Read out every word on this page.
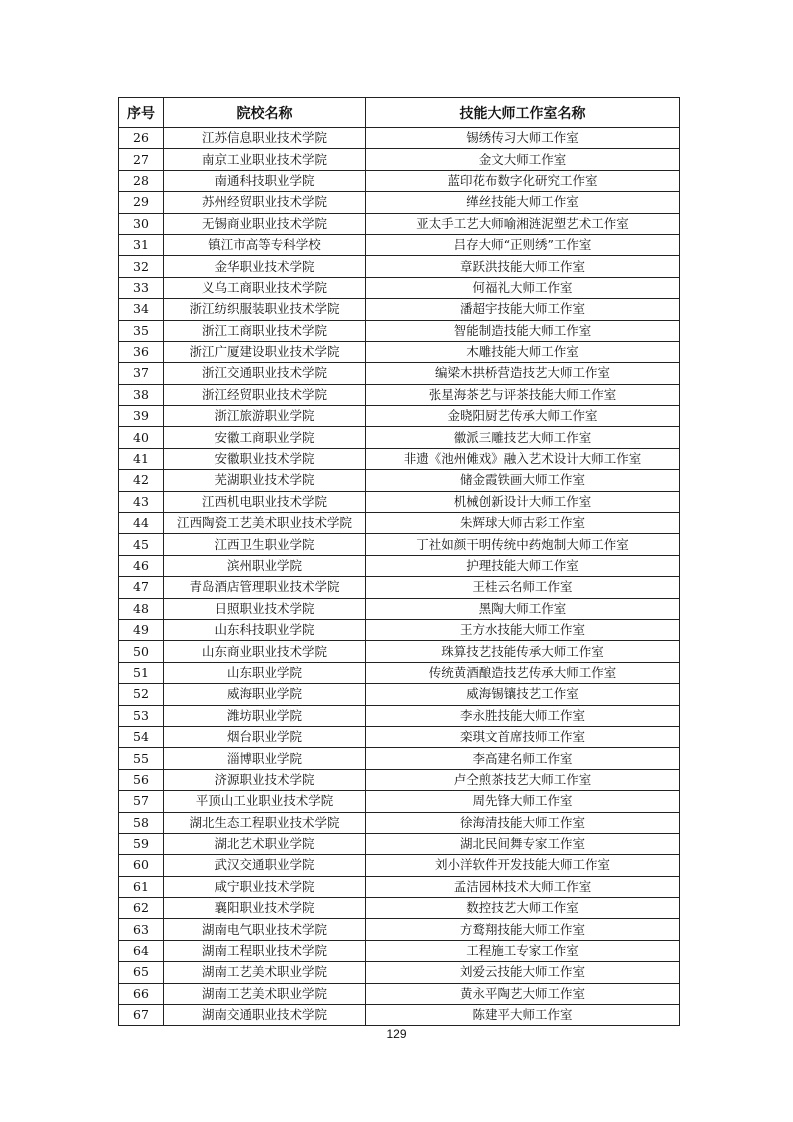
序号	院校名称	技能大师工作室名称
26	江苏信息职业技术学院	锡绣传习大师工作室
27	南京工业职业技术学院	金文大师工作室
28	南通科技职业学院	蓝印花布数字化研究工作室
29	苏州经贸职业技术学院	缂丝技能大师工作室
30	无锡商业职业技术学院	亚太手工艺大师喻湘涟泥塑艺术工作室
31	镇江市高等专科学校	吕存大师“正则绣”工作室
32	金华职业技术学院	章跃洪技能大师工作室
33	义乌工商职业技术学院	何福礼大师工作室
34	浙江纺织服装职业技术学院	潘超宇技能大师工作室
35	浙江工商职业技术学院	智能制造技能大师工作室
36	浙江广厦建设职业技术学院	木雕技能大师工作室
37	浙江交通职业技术学院	编梁木拱桥营造技艺大师工作室
38	浙江经贸职业技术学院	张星海茶艺与评茶技能大师工作室
39	浙江旅游职业学院	金晓阳厨艺传承大师工作室
40	安徽工商职业学院	徽派三雕技艺大师工作室
41	安徽职业技术学院	非遗《池州傩戏》融入艺术设计大师工作室
42	芜湖职业技术学院	储金霞铁画大师工作室
43	江西机电职业技术学院	机械创新设计大师工作室
44	江西陶瓷工艺美术职业技术学院	朱辉球大师古彩工作室
45	江西卫生职业学院	丁社如颜干明传统中药炮制大师工作室
46	滨州职业学院	护理技能大师工作室
47	青岛酒店管理职业技术学院	王桂云名师工作室
48	日照职业技术学院	黑陶大师工作室
49	山东科技职业学院	王方水技能大师工作室
50	山东商业职业技术学院	珠算技艺技能传承大师工作室
51	山东职业学院	传统黄酒酿造技艺传承大师工作室
52	威海职业学院	威海锡镶技艺工作室
53	潍坊职业学院	李永胜技能大师工作室
54	烟台职业学院	栾琪文首席技师工作室
55	淄博职业学院	李高建名师工作室
56	济源职业技术学院	卢仝煎茶技艺大师工作室
57	平顶山工业职业技术学院	周先锋大师工作室
58	湖北生态工程职业技术学院	徐海清技能大师工作室
59	湖北艺术职业学院	湖北民间舞专家工作室
60	武汉交通职业学院	刘小洋软件开发技能大师工作室
61	咸宁职业技术学院	孟洁园林技术大师工作室
62	襄阳职业技术学院	数控技艺大师工作室
63	湖南电气职业技术学院	方鹜翔技能大师工作室
64	湖南工程职业技术学院	工程施工专家工作室
65	湖南工艺美术职业学院	刘爱云技能大师工作室
66	湖南工艺美术职业学院	黄永平陶艺大师工作室
67	湖南交通职业技术学院	陈建平大师工作室
129
